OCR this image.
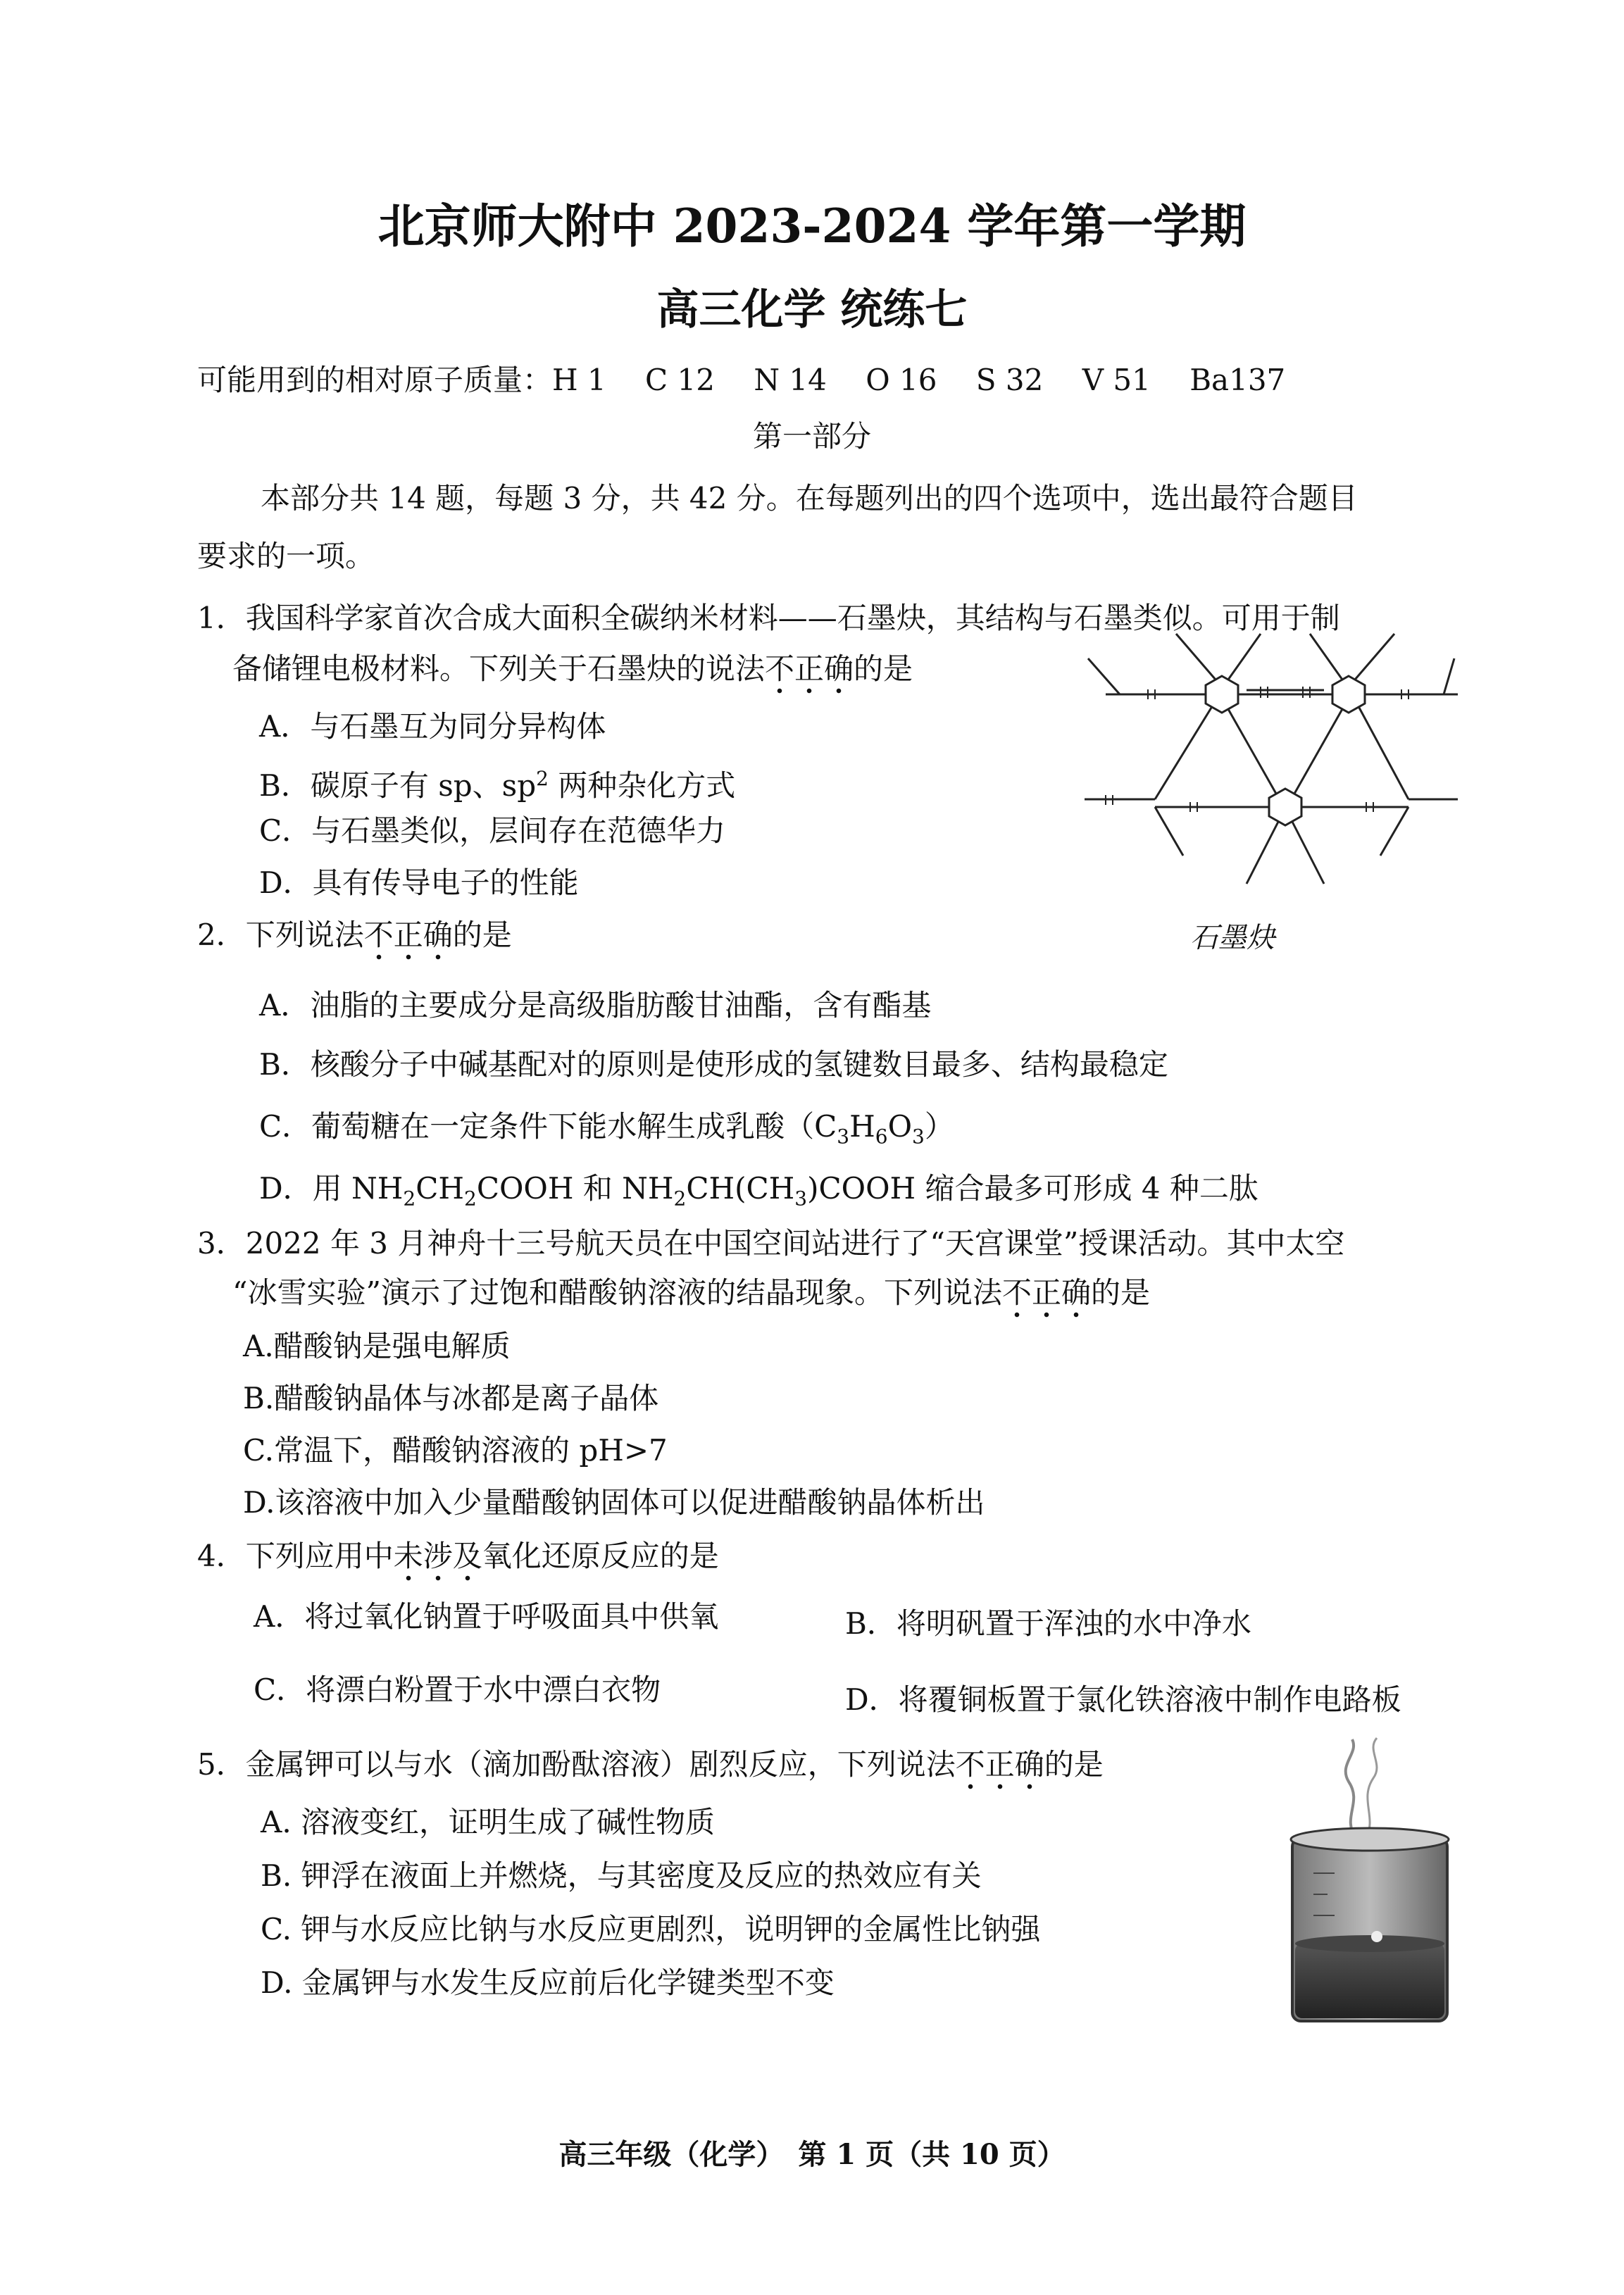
北京师大附中 2023-2024 学年第一学期
高三化学 统练七
可能用到的相对原子质量：H 1　 C 12 　N 14　 O 16　 S 32 　V 51　 Ba137
第一部分
本部分共 14 题，每题 3 分，共 42 分。在每题列出的四个选项中，选出最符合题目
要求的一项。
1．我国科学家首次合成大面积全碳纳米材料——石墨炔，其结构与石墨类似。可用于制
备储锂电极材料。下列关于石墨炔的说法不正确的是
A．与石墨互为同分异构体
B．碳原子有 sp、$sp^2$ 两种杂化方式
C．与石墨类似，层间存在范德华力
D．具有传导电子的性能
石墨炔
2．下列说法不正确的是
A．油脂的主要成分是高级脂肪酸甘油酯，含有酯基
B．核酸分子中碱基配对的原则是使形成的氢键数目最多、结构最稳定
C．葡萄糖在一定条件下能水解生成乳酸$(C_3H_6O_3)$
D．用 $NH_2CH_2COOH$ 和 $NH_2CH(CH_3)COOH$ 缩合最多可形成 4 种二肽
3．2022 年 3 月神舟十三号航天员在中国空间站进行了“天宫课堂”授课活动。其中太空
“冰雪实验”演示了过饱和醋酸钠溶液的结晶现象。下列说法不正确的是
A.醋酸钠是强电解质
B.醋酸钠晶体与冰都是离子晶体
C.常温下，醋酸钠溶液的 pH>7
D.该溶液中加入少量醋酸钠固体可以促进醋酸钠晶体析出
4．下列应用中未涉及氧化还原反应的是
A．将过氧化钠置于呼吸面具中供氧	B．将明矾置于浑浊的水中净水
C．将漂白粉置于水中漂白衣物	D．将覆铜板置于氯化铁溶液中制作电路板
5．金属钾可以与水（滴加酚酞溶液）剧烈反应，下列说法不正确的是
A. 溶液变红，证明生成了碱性物质
B. 钾浮在液面上并燃烧，与其密度及反应的热效应有关
C. 钾与水反应比钠与水反应更剧烈，说明钾的金属性比钠强
D. 金属钾与水发生反应前后化学键类型不变
高三年级（化学）　第 1 页（共 10 页）
